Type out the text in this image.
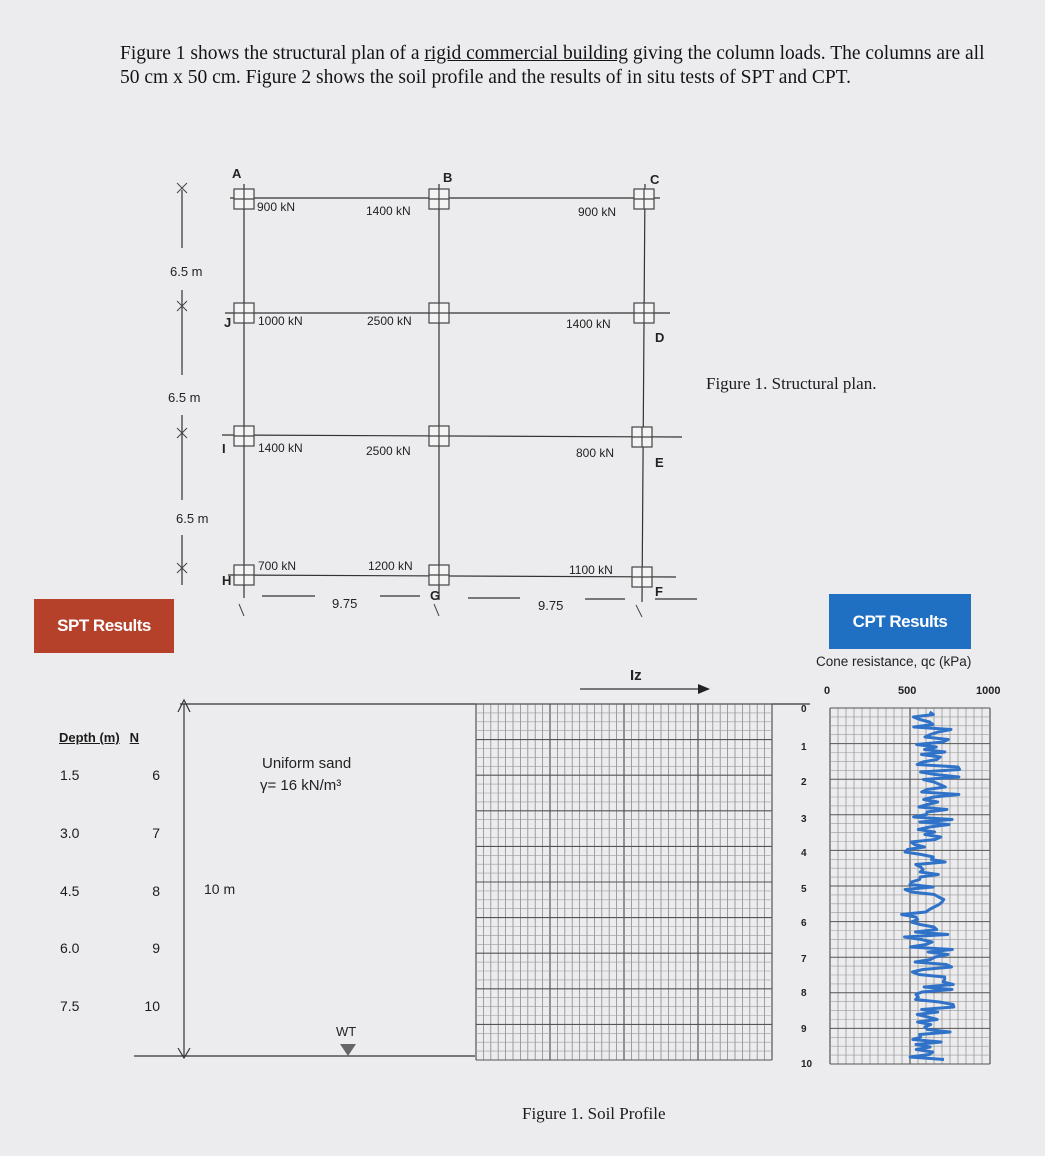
Figure 1 shows the structural plan of a rigid commercial building giving the column loads. The columns are all 50 cm x 50 cm. Figure 2 shows the soil profile and the results of in situ tests of SPT and CPT.
A	B	C
D
E
F
G
H
I
J
900 kN	1400 kN	900 kN
1000 kN	2500 kN	1400 kN
1400 kN	2500 kN	800 kN
700 kN	1200 kN	1100 kN
6.5 m
6.5 m
6.5 m
9.75	9.75
Figure 1. Structural plan.
SPT Results	CPT Results
Depth (m) N
1.5	6
3.0	7
4.5	8
6.0	9
7.5	10
0
1
2
3
4
5
6
7
8
9
10
Uniform sand
γ= 16 kN/m³
10 m
WT
Iz
Cone resistance, qc (kPa)
0	500	1000
Figure 1. Soil Profile
